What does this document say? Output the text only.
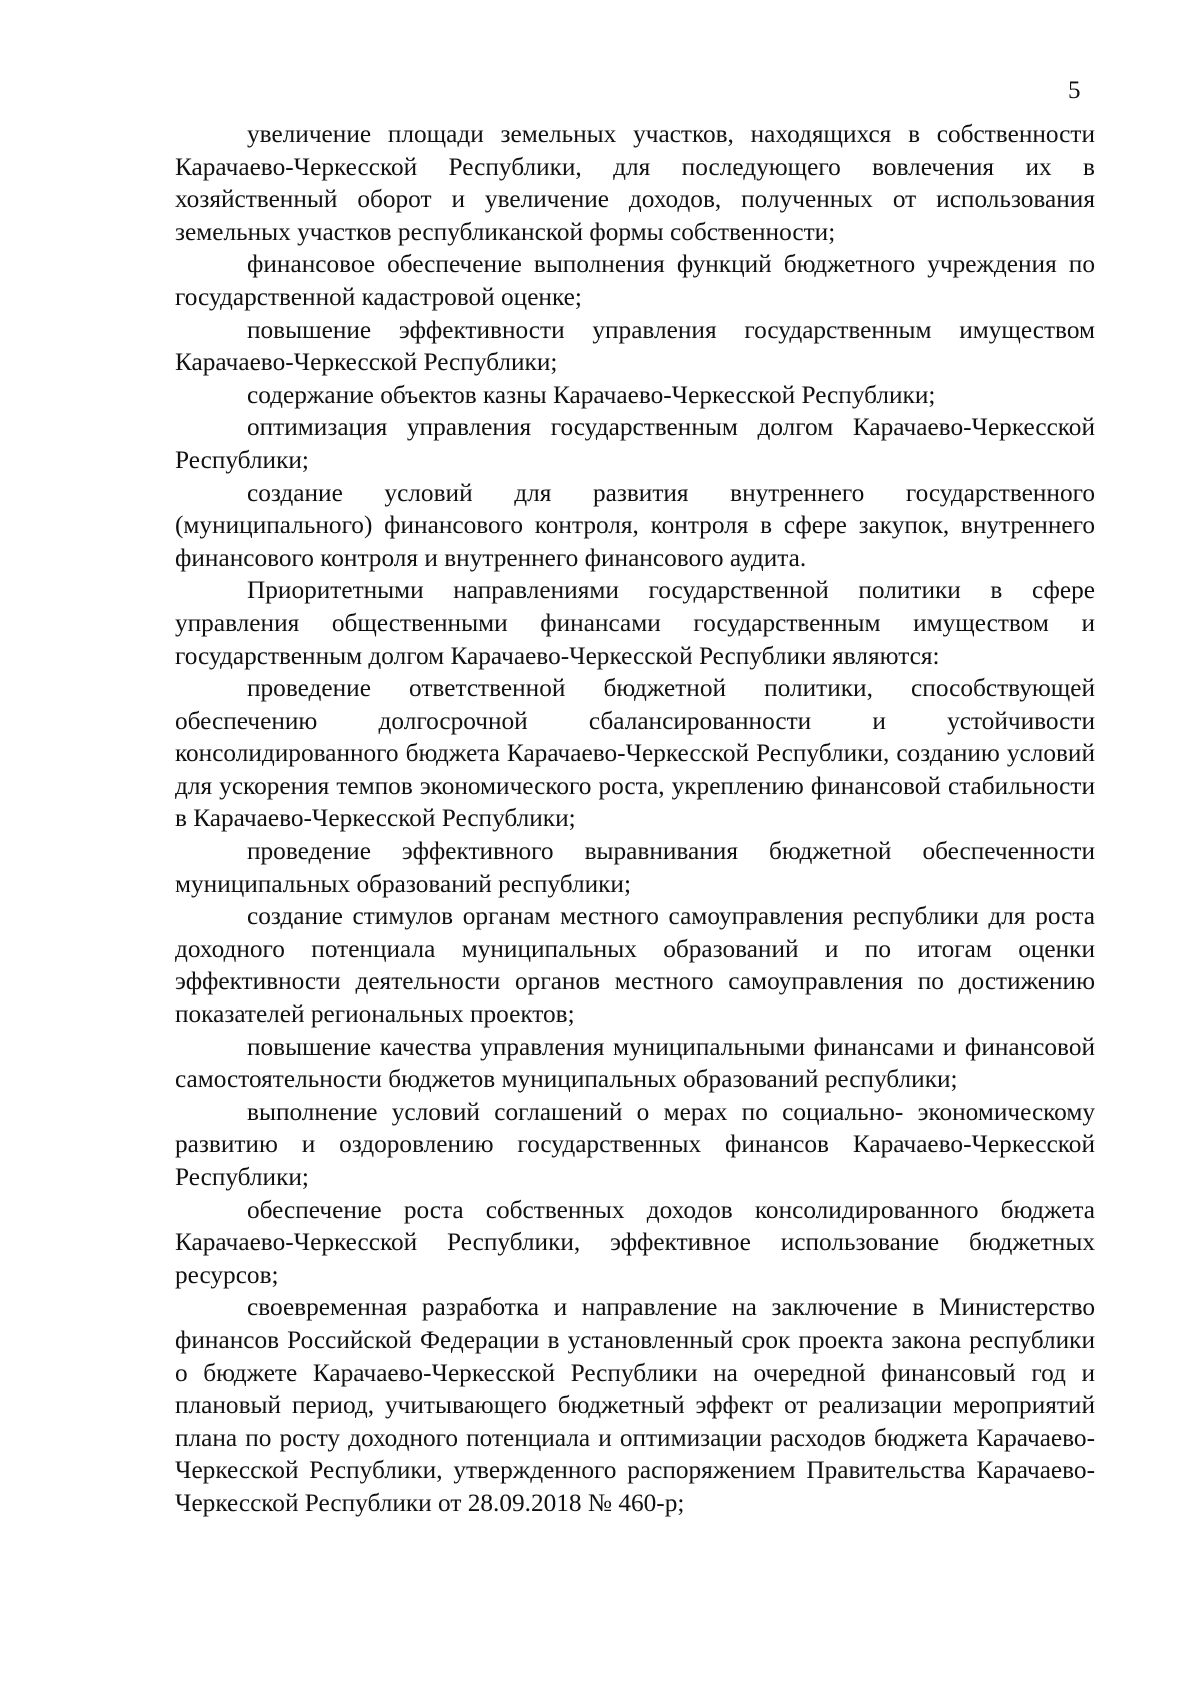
5

увеличение площади земельных участков, находящихся в собственности Карачаево-Черкесской Республики, для последующего вовлечения их в хозяйственный оборот и увеличение доходов, полученных от использования земельных участков республиканской формы собственности;

финансовое обеспечение выполнения функций бюджетного учреждения по государственной кадастровой оценке;

повышение эффективности управления государственным имуществом Карачаево-Черкесской Республики;

содержание объектов казны Карачаево-Черкесской Республики;

оптимизация управления государственным долгом Карачаево-Черкесской Республики;

создание условий для развития внутреннего государственного (муниципального) финансового контроля, контроля в сфере закупок, внутреннего финансового контроля и внутреннего финансового аудита.

Приоритетными направлениями государственной политики в сфере управления общественными финансами государственным имуществом и государственным долгом Карачаево-Черкесской Республики являются:

проведение ответственной бюджетной политики, способствующей обеспечению долгосрочной сбалансированности и устойчивости консолидированного бюджета Карачаево-Черкесской Республики, созданию условий для ускорения темпов экономического роста, укреплению финансовой стабильности в Карачаево-Черкесской Республики;

проведение эффективного выравнивания бюджетной обеспеченности муниципальных образований республики;

создание стимулов органам местного самоуправления республики для роста доходного потенциала муниципальных образований и по итогам оценки эффективности деятельности органов местного самоуправления по достижению показателей региональных проектов;

повышение качества управления муниципальными финансами и финансовой самостоятельности бюджетов муниципальных образований республики;

выполнение условий соглашений о мерах по социально- экономическому развитию и оздоровлению государственных финансов Карачаево-Черкесской Республики;

обеспечение роста собственных доходов консолидированного бюджета Карачаево-Черкесской Республики, эффективное использование бюджетных ресурсов;

своевременная разработка и направление на заключение в Министерство финансов Российской Федерации в установленный срок проекта закона республики о бюджете Карачаево-Черкесской Республики на очередной финансовый год и плановый период, учитывающего бюджетный эффект от реализации мероприятий плана по росту доходного потенциала и оптимизации расходов бюджета Карачаево-Черкесской Республики, утвержденного распоряжением Правительства Карачаево-Черкесской Республики от 28.09.2018 № 460-р;
